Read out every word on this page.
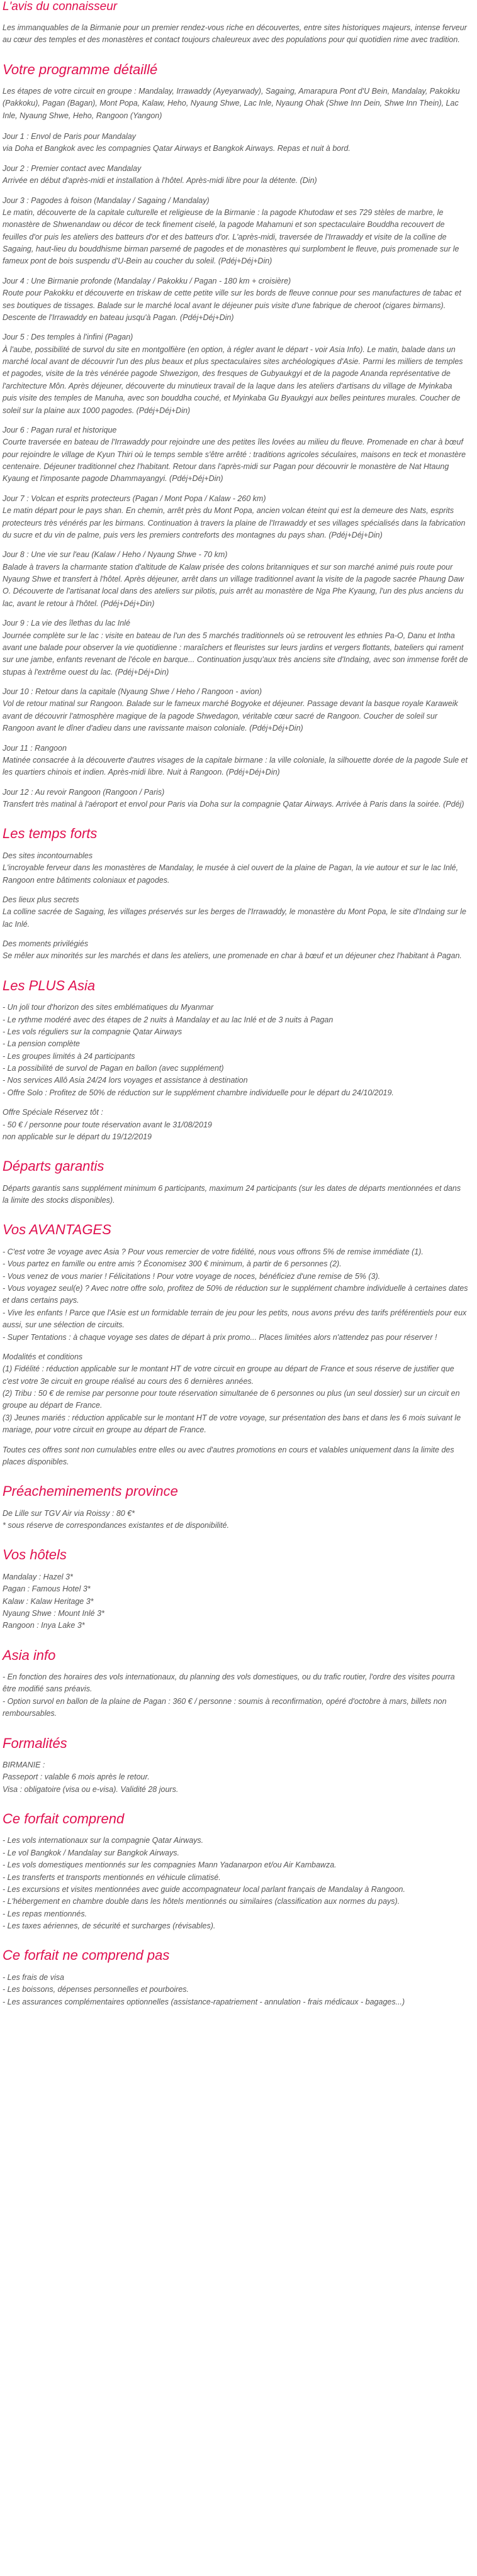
L'avis du connaisseur

Les immanquables de la Birmanie pour un premier rendez-vous riche en découvertes, entre sites historiques majeurs, intense ferveur au cœur des temples et des monastères et contact toujours chaleureux avec des populations pour qui quotidien rime avec tradition.

Votre programme détaillé

Les étapes de votre circuit en groupe : Mandalay, Irrawaddy (Ayeyarwady), Sagaing, Amarapura Pont d'U Bein, Mandalay, Pakokku (Pakkoku), Pagan (Bagan), Mont Popa, Kalaw, Heho, Nyaung Shwe, Lac Inle, Nyaung Ohak (Shwe Inn Dein, Shwe Inn Thein), Lac Inle, Nyaung Shwe, Heho, Rangoon (Yangon)

Jour 1 : Envol de Paris pour Mandalay
via Doha et Bangkok avec les compagnies Qatar Airways et Bangkok Airways. Repas et nuit à bord.
Jour 2 : Premier contact avec Mandalay
Arrivée en début d'après-midi et installation à l'hôtel. Après-midi libre pour la détente. (Din)
Jour 3 : Pagodes à foison (Mandalay / Sagaing / Mandalay)
Le matin, découverte de la capitale culturelle et religieuse de la Birmanie : la pagode Khutodaw et ses 729 stèles de marbre, le monastère de Shwenandaw ou décor de teck finement ciselé, la pagode Mahamuni et son spectaculaire Bouddha recouvert de feuilles d'or puis les ateliers des batteurs d'or et des batteurs d'or. L'après-midi, traversée de l'Irrawaddy et visite de la colline de Sagaing, haut-lieu du bouddhisme birman parsemé de pagodes et de monastères qui surplombent le fleuve, puis promenade sur le fameux pont de bois suspendu d'U-Bein au coucher du soleil. (Pdéj+Déj+Din)
Jour 4 : Une Birmanie profonde (Mandalay / Pakokku / Pagan - 180 km + croisière)
Route pour Pakokku et découverte en triskaw de cette petite ville sur les bords de fleuve connue pour ses manufactures de tabac et ses boutiques de tissages. Balade sur le marché local avant le déjeuner puis visite d'une fabrique de cheroot (cigares birmans). Descente de l'Irrawaddy en bateau jusqu'à Pagan. (Pdéj+Déj+Din)
Jour 5 : Des temples à l'infini (Pagan)
À l'aube, possibilité de survol du site en montgolfière (en option, à régler avant le départ - voir Asia Info). Le matin, balade dans un marché local avant de découvrir l'un des plus beaux et plus spectaculaires sites archéologiques d'Asie. Parmi les milliers de temples et pagodes, visite de la très vénérée pagode Shwezigon, des fresques de Gubyaukgyi et de la pagode Ananda représentative de l'architecture Môn. Après déjeuner, découverte du minutieux travail de la laque dans les ateliers d'artisans du village de Myinkaba puis visite des temples de Manuha, avec son bouddha couché, et Myinkaba Gu Byaukgyi aux belles peintures murales. Coucher de soleil sur la plaine aux 1000 pagodes. (Pdéj+Déj+Din)
Jour 6 : Pagan rural et historique
Courte traversée en bateau de l'Irrawaddy pour rejoindre une des petites îles lovées au milieu du fleuve. Promenade en char à bœuf pour rejoindre le village de Kyun Thiri où le temps semble s'être arrêté : traditions agricoles séculaires, maisons en teck et monastère centenaire. Déjeuner traditionnel chez l'habitant. Retour dans l'après-midi sur Pagan pour découvrir le monastère de Nat Htaung Kyaung et l'imposante pagode Dhammayangyi. (Pdéj+Déj+Din)
Jour 7 : Volcan et esprits protecteurs (Pagan / Mont Popa / Kalaw - 260 km)
Le matin départ pour le pays shan. En chemin, arrêt près du Mont Popa, ancien volcan éteint qui est la demeure des Nats, esprits protecteurs très vénérés par les birmans. Continuation à travers la plaine de l'Irrawaddy et ses villages spécialisés dans la fabrication du sucre et du vin de palme, puis vers les premiers contreforts des montagnes du pays shan. (Pdéj+Déj+Din)
Jour 8 : Une vie sur l'eau (Kalaw / Heho / Nyaung Shwe - 70 km)
Balade à travers la charmante station d'altitude de Kalaw prisée des colons britanniques et sur son marché animé puis route pour Nyaung Shwe et transfert à l'hôtel. Après déjeuner, arrêt dans un village traditionnel avant la visite de la pagode sacrée Phaung Daw O. Découverte de l'artisanat local dans des ateliers sur pilotis, puis arrêt au monastère de Nga Phe Kyaung, l'un des plus anciens du lac, avant le retour à l'hôtel. (Pdéj+Déj+Din)
Jour 9 : La vie des îlethas du lac Inlé
Journée complète sur le lac : visite en bateau de l'un des 5 marchés traditionnels où se retrouvent les ethnies Pa-O, Danu et Intha avant une balade pour observer la vie quotidienne : maraîchers et fleuristes sur leurs jardins et vergers flottants, bateliers qui rament sur une jambe, enfants revenant de l'école en barque... Continuation jusqu'aux très anciens site d'Indaing, avec son immense forêt de stupas à l'extrême ouest du lac. (Pdéj+Déj+Din)
Jour 10 : Retour dans la capitale (Nyaung Shwe / Heho / Rangoon - avion)
Vol de retour matinal sur Rangoon. Balade sur le fameux marché Bogyoke et déjeuner. Passage devant la basque royale Karaweik avant de découvrir l'atmosphère magique de la pagode Shwedagon, véritable cœur sacré de Rangoon. Coucher de soleil sur Rangoon avant le dîner d'adieu dans une ravissante maison coloniale. (Pdéj+Déj+Din)
Jour 11 : Rangoon
Matinée consacrée à la découverte d'autres visages de la capitale birmane : la ville coloniale, la silhouette dorée de la pagode Sule et les quartiers chinois et indien. Après-midi libre. Nuit à Rangoon. (Pdéj+Déj+Din)
Jour 12 : Au revoir Rangoon (Rangoon / Paris)
Transfert très matinal à l'aéroport et envol pour Paris via Doha sur la compagnie Qatar Airways. Arrivée à Paris dans la soirée. (Pdéj)
Les temps forts
Des sites incontournables
L'incroyable ferveur dans les monastères de Mandalay, le musée à ciel ouvert de la plaine de Pagan, la vie autour et sur le lac Inlé, Rangoon entre bâtiments coloniaux et pagodes.
Des lieux plus secrets
La colline sacrée de Sagaing, les villages préservés sur les berges de l'Irrawaddy, le monastère du Mont Popa, le site d'Indaing sur le lac Inlé.
Des moments privilégiés
Se mêler aux minorités sur les marchés et dans les ateliers, une promenade en char à bœuf et un déjeuner chez l'habitant à Pagan.
Les PLUS Asia
- Un joli tour d'horizon des sites emblématiques du Myanmar
- Le rythme modéré avec des étapes de 2 nuits à Mandalay et au lac Inlé et de 3 nuits à Pagan
- Les vols réguliers sur la compagnie Qatar Airways
- La pension complète
- Les groupes limités à 24 participants
- La possibilité de survol de Pagan en ballon (avec supplément)
- Nos services Allô Asia 24/24 lors voyages et assistance à destination
- Offre Solo : Profitez de 50% de réduction sur le supplément chambre individuelle pour le départ du 24/10/2019.
Offre Spéciale Réservez tôt :
- 50 € / personne pour toute réservation avant le 31/08/2019
non applicable sur le départ du 19/12/2019
Départs garantis

Départs garantis sans supplément minimum 6 participants, maximum 24 participants (sur les dates de départs mentionnées et dans la limite des stocks disponibles).

Vos AVANTAGES
- C'est votre 3e voyage avec Asia ? Pour vous remercier de votre fidélité, nous vous offrons 5% de remise immédiate (1).
- Vous partez en famille ou entre amis ? Économisez 300 € minimum, à partir de 6 personnes (2).
- Vous venez de vous marier ! Félicitations ! Pour votre voyage de noces, bénéficiez d'une remise de 5% (3).
- Vous voyagez seul(e) ? Avec notre offre solo, profitez de 50% de réduction sur le supplément chambre individuelle à certaines dates et dans certains pays.
- Vive les enfants ! Parce que l'Asie est un formidable terrain de jeu pour les petits, nous avons prévu des tarifs préférentiels pour eux aussi, sur une sélection de circuits.
- Super Tentations : à chaque voyage ses dates de départ à prix promo... Places limitées alors n'attendez pas pour réserver !
Modalités et conditions
(1) Fidélité : réduction applicable sur le montant HT de votre circuit en groupe au départ de France et sous réserve de justifier que c'est votre 3e circuit en groupe réalisé au cours des 6 dernières années.
(2) Tribu : 50 € de remise par personne pour toute réservation simultanée de 6 personnes ou plus (un seul dossier) sur un circuit en groupe au départ de France.
(3) Jeunes mariés : réduction applicable sur le montant HT de votre voyage, sur présentation des bans et dans les 6 mois suivant le mariage, pour votre circuit en groupe au départ de France.

Toutes ces offres sont non cumulables entre elles ou avec d'autres promotions en cours et valables uniquement dans la limite des places disponibles.

Préacheminements province
De Lille sur TGV Air via Roissy : 80 €*
* sous réserve de correspondances existantes et de disponibilité.
Vos hôtels
Mandalay : Hazel 3*
Pagan : Famous Hotel 3*
Kalaw : Kalaw Heritage 3*
Nyaung Shwe : Mount Inlé 3*
Rangoon : Inya Lake 3*
Asia info
- En fonction des horaires des vols internationaux, du planning des vols domestiques, ou du trafic routier, l'ordre des visites pourra être modifié sans préavis.
- Option survol en ballon de la plaine de Pagan : 360 € / personne : soumis à reconfirmation, opéré d'octobre à mars, billets non remboursables.
Formalités
BIRMANIE :
Passeport : valable 6 mois après le retour.
Visa : obligatoire (visa ou e-visa). Validité 28 jours.
Ce forfait comprend
- Les vols internationaux sur la compagnie Qatar Airways.
- Le vol Bangkok / Mandalay sur Bangkok Airways.
- Les vols domestiques mentionnés sur les compagnies Mann Yadanarpon et/ou Air Kambawza.
- Les transferts et transports mentionnés en véhicule climatisé.
- Les excursions et visites mentionnées avec guide accompagnateur local parlant français de Mandalay à Rangoon.
- L'hébergement en chambre double dans les hôtels mentionnés ou similaires (classification aux normes du pays).
- Les repas mentionnés.
- Les taxes aériennes, de sécurité et surcharges (révisables).
Ce forfait ne comprend pas
- Les frais de visa
- Les boissons, dépenses personnelles et pourboires.
- Les assurances complémentaires optionnelles (assistance-rapatriement - annulation - frais médicaux - bagages...)
